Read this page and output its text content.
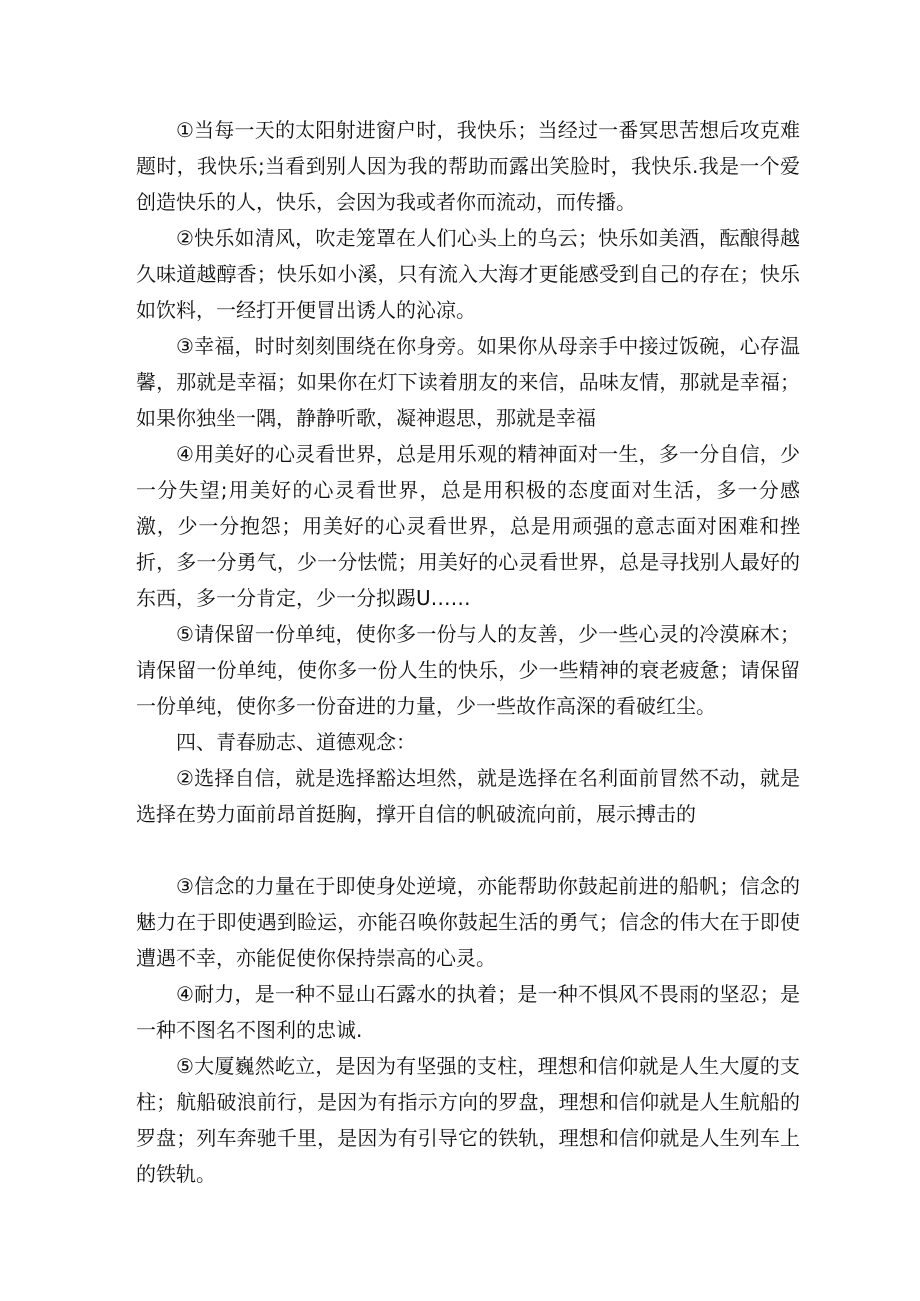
①当每一天的太阳射进窗户时，我快乐；当经过一番冥思苦想后攻克难题时，我快乐;当看到别人因为我的帮助而露出笑脸时，我快乐.我是一个爱创造快乐的人，快乐，会因为我或者你而流动，而传播。

②快乐如清风，吹走笼罩在人们心头上的乌云；快乐如美酒，酝酿得越久味道越醇香；快乐如小溪，只有流入大海才更能感受到自己的存在；快乐如饮料，一经打开便冒出诱人的沁凉。

③幸福，时时刻刻围绕在你身旁。如果你从母亲手中接过饭碗，心存温馨，那就是幸福；如果你在灯下读着朋友的来信，品味友情，那就是幸福；如果你独坐一隅，静静听歌，凝神遐思，那就是幸福

④用美好的心灵看世界，总是用乐观的精神面对一生，多一分自信，少一分失望;用美好的心灵看世界，总是用积极的态度面对生活，多一分感激，少一分抱怨；用美好的心灵看世界，总是用顽强的意志面对困难和挫折，多一分勇气，少一分怯慌；用美好的心灵看世界，总是寻找别人最好的东西，多一分肯定，少一分拟踢U……

⑤请保留一份单纯，使你多一份与人的友善，少一些心灵的冷漠麻木；请保留一份单纯，使你多一份人生的快乐，少一些精神的衰老疲惫；请保留一份单纯，使你多一份奋进的力量，少一些故作高深的看破红尘。

四、青春励志、道德观念：

②选择自信，就是选择豁达坦然，就是选择在名利面前冒然不动，就是选择在势力面前昂首挺胸，撑开自信的帆破流向前，展示搏击的

③信念的力量在于即使身处逆境，亦能帮助你鼓起前进的船帆；信念的魅力在于即使遇到睑运，亦能召唤你鼓起生活的勇气；信念的伟大在于即使遭遇不幸，亦能促使你保持崇高的心灵。

④耐力，是一种不显山石露水的执着；是一种不惧风不畏雨的坚忍；是一种不图名不图利的忠诚.

⑤大厦巍然屹立，是因为有坚强的支柱，理想和信仰就是人生大厦的支柱；航船破浪前行，是因为有指示方向的罗盘，理想和信仰就是人生航船的罗盘；列车奔驰千里，是因为有引导它的铁轨，理想和信仰就是人生列车上的铁轨。
